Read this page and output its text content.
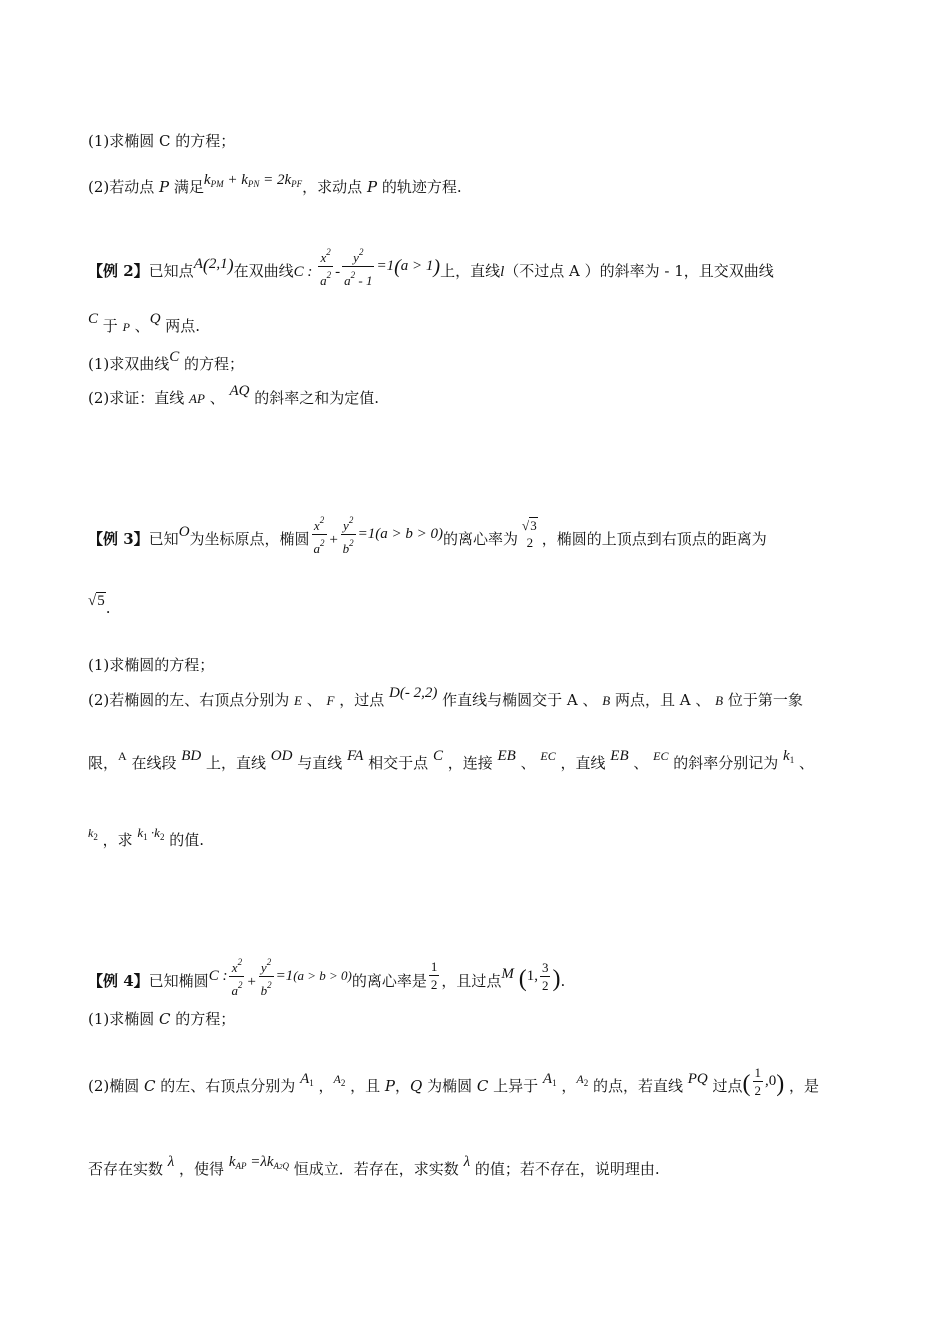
(1)求椭圆 C 的方程；
(2)若动点 P 满足$k_{PM} + k_{PN} = 2k_{PF}$，求动点 P 的轨迹方程.
【例 2】已知点A(2,1)在双曲线C : $\frac{x^2}{a^2} - \frac{y^2}{a^2 - 1} =1(a > 1)$上，直线l（不过点 A ）的斜率为 - 1，且交双曲线
C 于 P 、Q 两点.
(1)求双曲线C 的方程；
(2)求证：直线 AP 、 AQ 的斜率之和为定值.
【例 3】已知O为坐标原点，椭圆 $\frac{x^2}{a^2} + \frac{y^2}{b^2} =1(a > b > 0)$的离心率为
√3
2 ，椭圆的上顶点到右顶点的距离为
√5.
(1)求椭圆的方程；
(2)若椭圆的左、右顶点分别为 E 、 F ，过点 D(- 2,2) 作直线与椭圆交于 A 、 B 两点，且 A 、 B 位于第一象
限，$^A$ 在线段 BD 上，直线 OD 与直线 FA 相交于点 C ，连接 EB 、 $^{EC}$ ，直线 EB 、 $^{EC}$ 的斜率分别记为 $k_1$ 、
$^{k_2}$ ，求 $k_1 \cdot k_2$ 的值.
【例 4】已知椭圆C : $\frac{x^2}{a^2} + \frac{y^2}{b^2} =1(a > b > 0)$的离心率是 $\frac{1}{2}$ ，且过点M (1, $\frac{3}{2}$ ).
(1)求椭圆 C 的方程；
(2)椭圆 C 的左、右顶点分别为 $A_1$ ，$^{A_2}$ ，且 P，Q 为椭圆 C 上异于 $A_1$ ，$^{A_2}$ 的点，若直线 PQ 过点( $\frac{1}{2} ,0$) ，是
否存在实数 λ ，使得 $k_{AP} =\lambda k_{A2Q}$ 恒成立．若存在，求实数 λ 的值；若不存在，说明理由.
